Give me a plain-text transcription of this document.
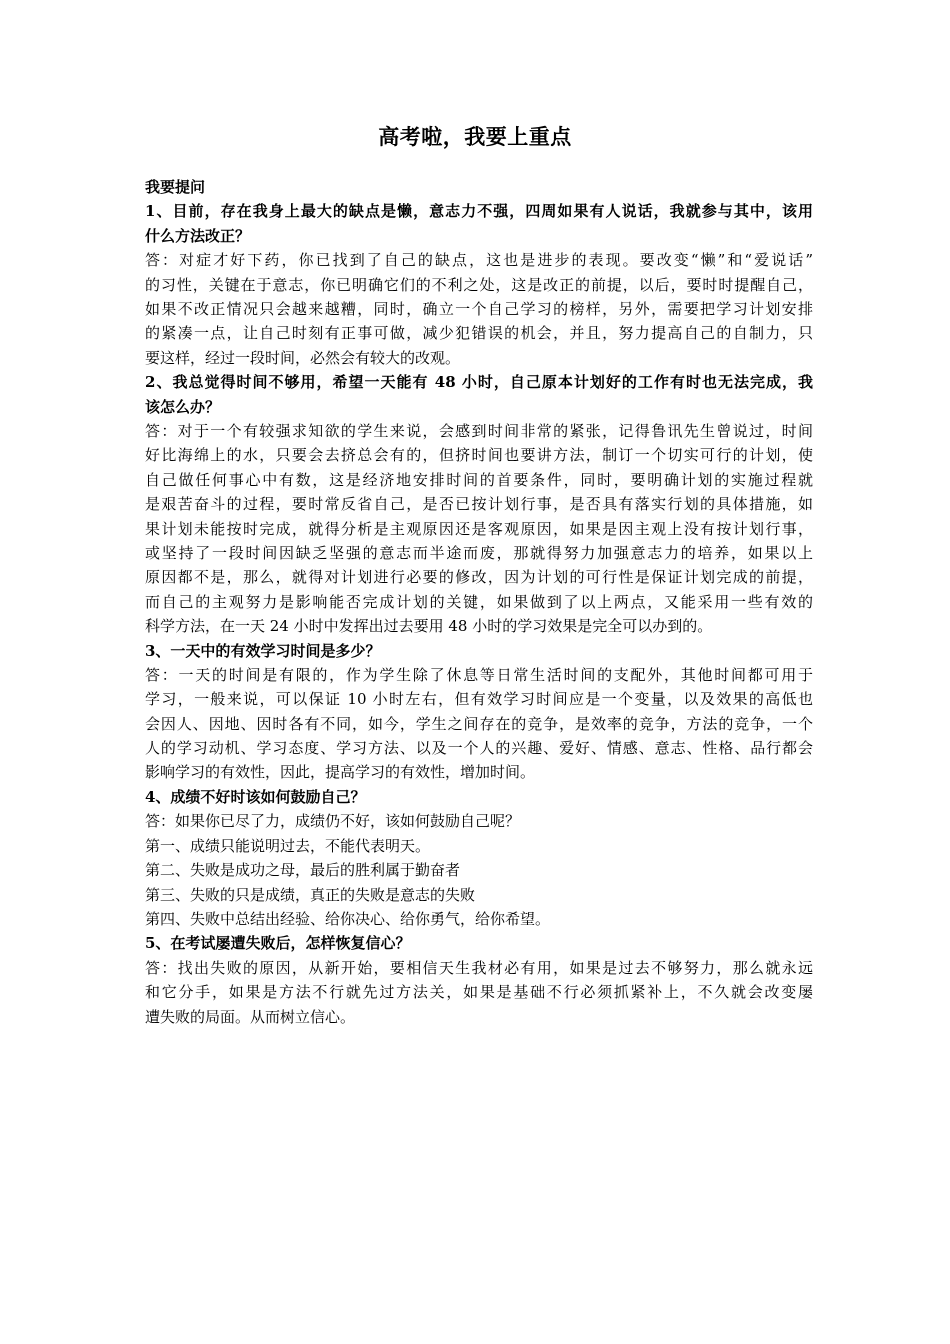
高考啦，我要上重点
我要提问
1、目前，存在我身上最大的缺点是懒，意志力不强，四周如果有人说话，我就参与其中，该用
什么方法改正？
答：对症才好下药，你已找到了自己的缺点，这也是进步的表现。要改变“懒”和“爱说话”
的习性，关键在于意志，你已明确它们的不利之处，这是改正的前提，以后，要时时提醒自己，
如果不改正情况只会越来越糟，同时，确立一个自己学习的榜样，另外，需要把学习计划安排
的紧凑一点，让自己时刻有正事可做，减少犯错误的机会，并且，努力提高自己的自制力，只
要这样，经过一段时间，必然会有较大的改观。
2、我总觉得时间不够用，希望一天能有 48 小时，自己原本计划好的工作有时也无法完成，我
该怎么办？
答：对于一个有较强求知欲的学生来说，会感到时间非常的紧张，记得鲁讯先生曾说过，时间
好比海绵上的水，只要会去挤总会有的，但挤时间也要讲方法，制订一个切实可行的计划，使
自己做任何事心中有数，这是经济地安排时间的首要条件，同时，要明确计划的实施过程就
是艰苦奋斗的过程，要时常反省自己，是否已按计划行事，是否具有落实行划的具体措施，如
果计划未能按时完成，就得分析是主观原因还是客观原因，如果是因主观上没有按计划行事，
或坚持了一段时间因缺乏坚强的意志而半途而废，那就得努力加强意志力的培养，如果以上
原因都不是，那么，就得对计划进行必要的修改，因为计划的可行性是保证计划完成的前提，
而自己的主观努力是影响能否完成计划的关键，如果做到了以上两点，又能采用一些有效的
科学方法，在一天 24 小时中发挥出过去要用 48 小时的学习效果是完全可以办到的。
3、一天中的有效学习时间是多少？
答：一天的时间是有限的，作为学生除了休息等日常生活时间的支配外，其他时间都可用于
学习，一般来说，可以保证 10 小时左右，但有效学习时间应是一个变量，以及效果的高低也
会因人、因地、因时各有不同，如今，学生之间存在的竞争，是效率的竞争，方法的竞争，一个
人的学习动机、学习态度、学习方法、以及一个人的兴趣、爱好、情感、意志、性格、品行都会
影响学习的有效性，因此，提高学习的有效性，增加时间。
4、成绩不好时该如何鼓励自己？
答：如果你已尽了力，成绩仍不好，该如何鼓励自己呢？
第一、成绩只能说明过去，不能代表明天。
第二、失败是成功之母，最后的胜利属于勤奋者
第三、失败的只是成绩，真正的失败是意志的失败
第四、失败中总结出经验、给你决心、给你勇气，给你希望。
5、在考试屡遭失败后，怎样恢复信心？
答：找出失败的原因，从新开始，要相信天生我材必有用，如果是过去不够努力，那么就永远
和它分手，如果是方法不行就先过方法关，如果是基础不行必须抓紧补上，不久就会改变屡
遭失败的局面。从而树立信心。
